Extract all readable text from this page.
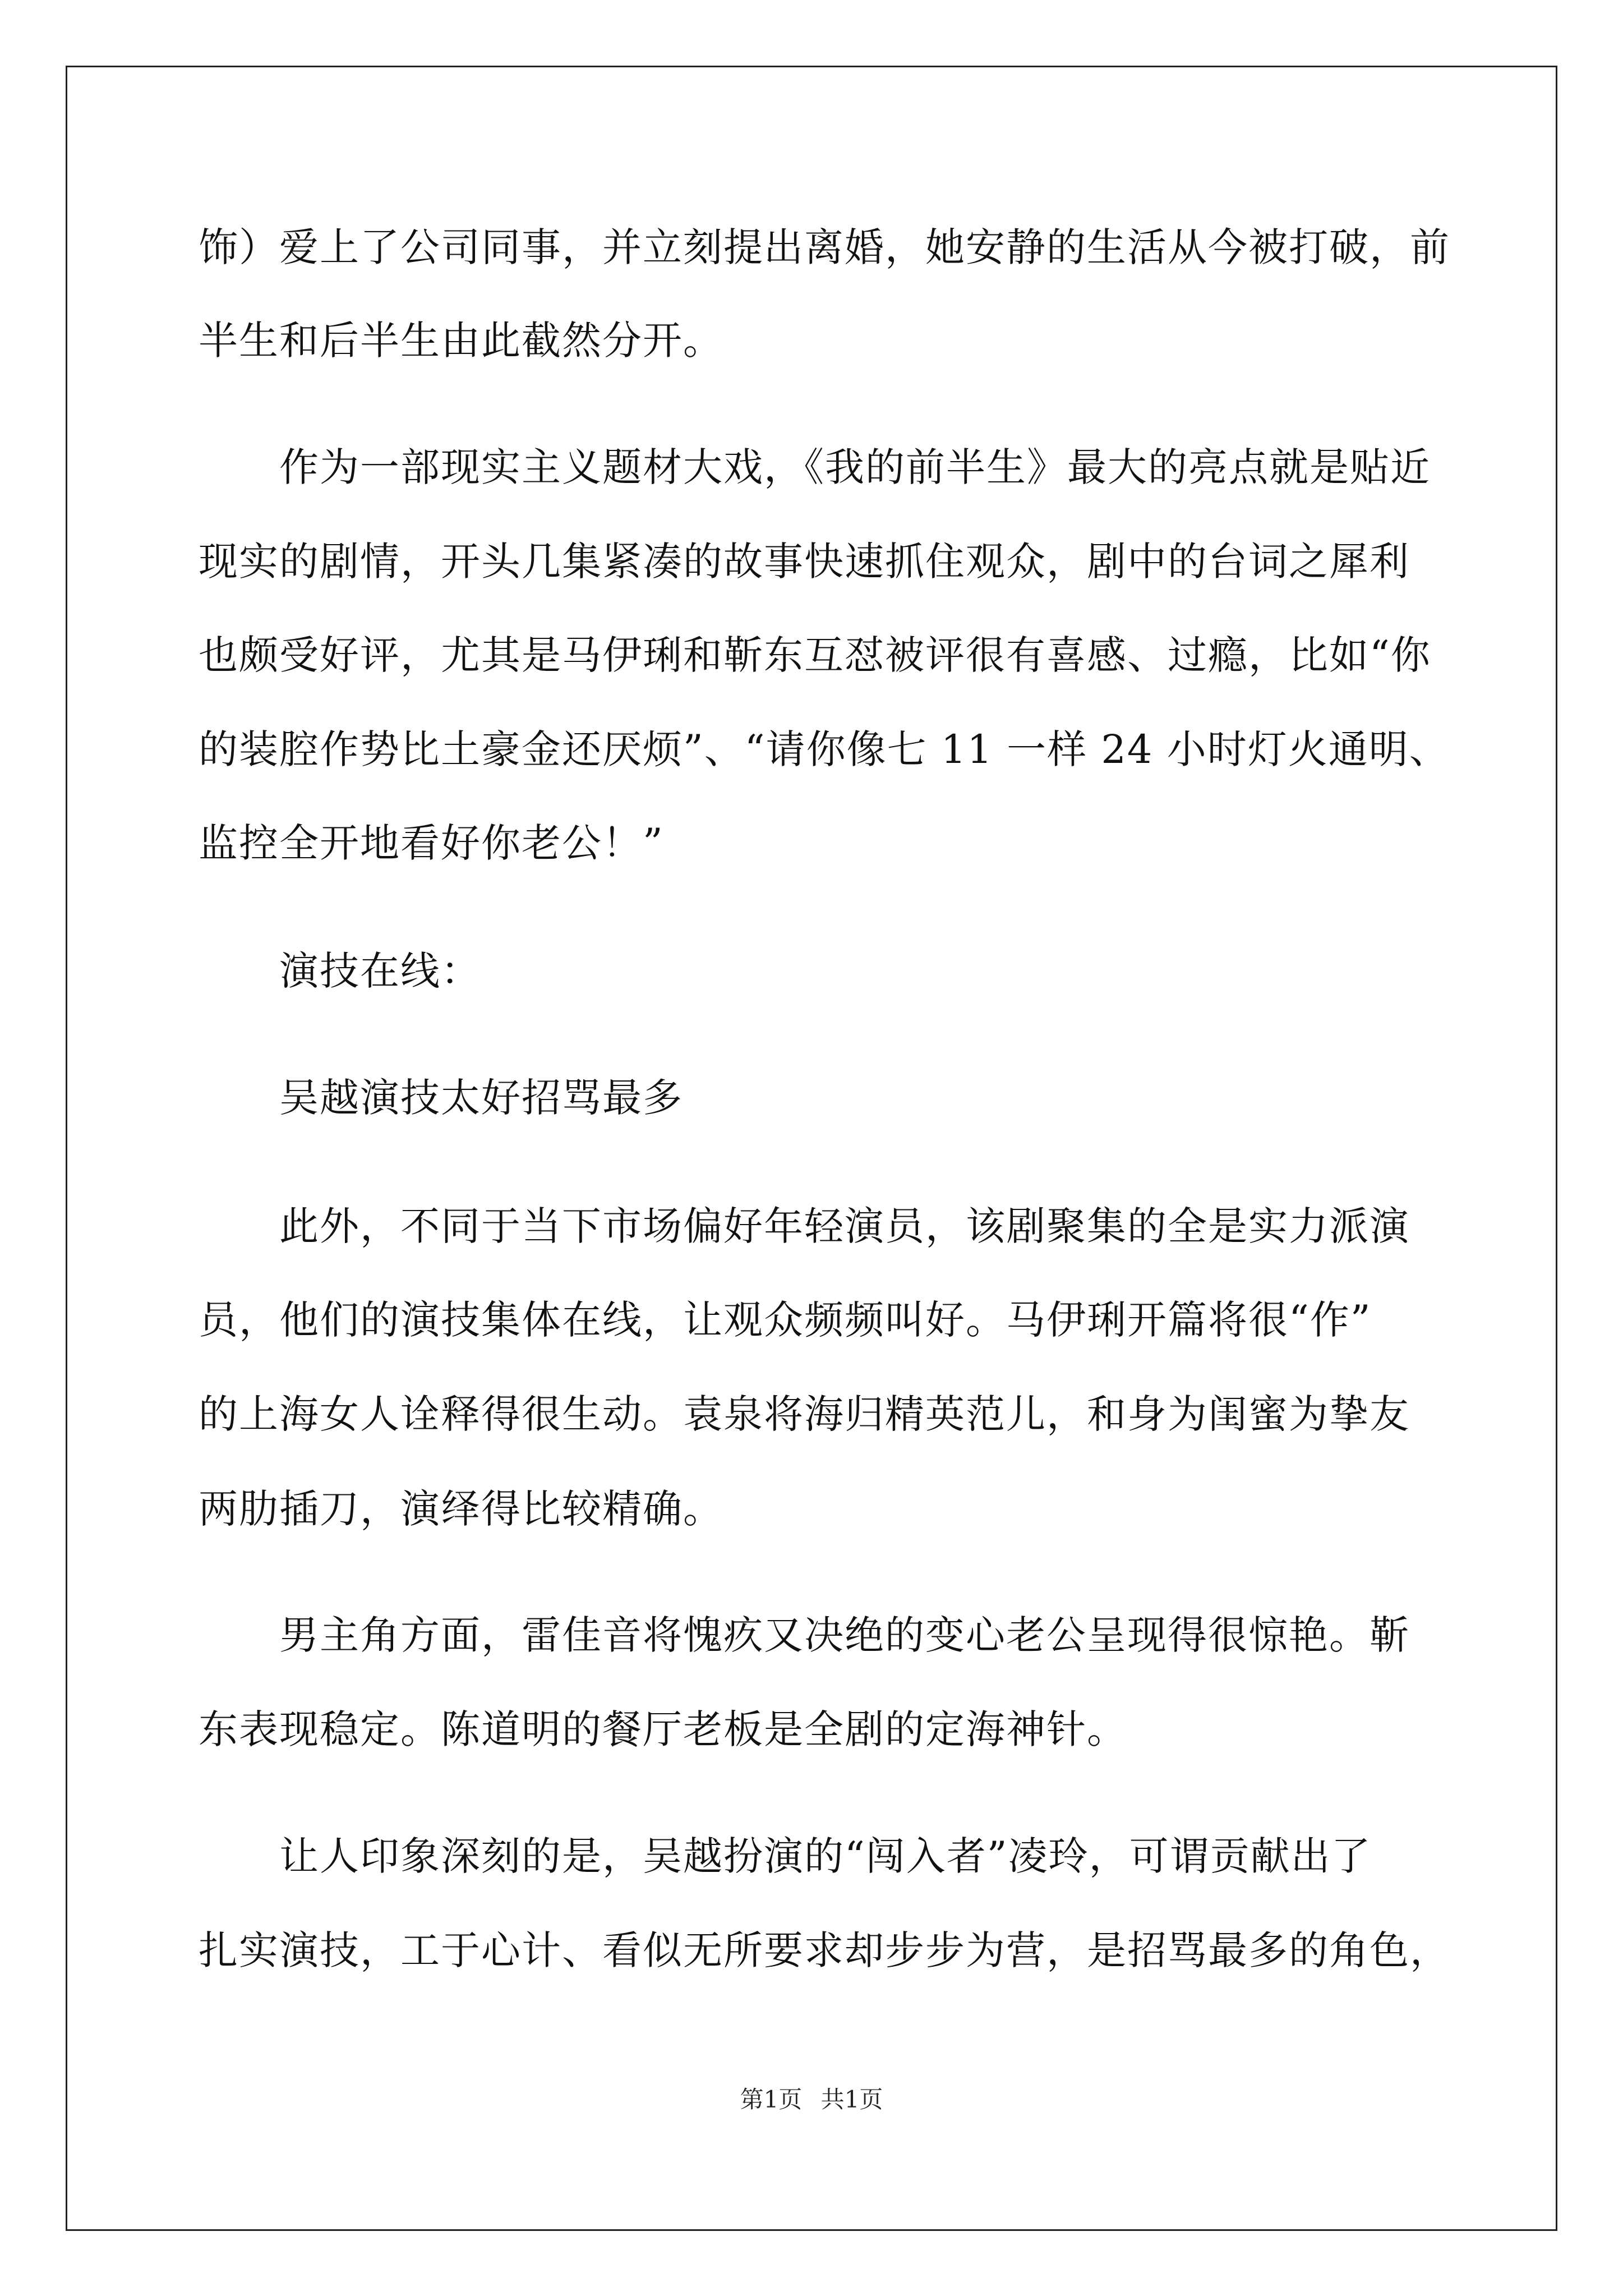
饰）爱上了公司同事，并立刻提出离婚，她安静的生活从今被打破，前
半生和后半生由此截然分开。
　　作为一部现实主义题材大戏，《我的前半生》最大的亮点就是贴近
现实的剧情，开头几集紧凑的故事快速抓住观众，剧中的台词之犀利
也颇受好评，尤其是马伊琍和靳东互怼被评很有喜感、过瘾，比如“你
的装腔作势比土豪金还厌烦”、“请你像七 11 一样 24 小时灯火通明、
监控全开地看好你老公！”
　　演技在线：
　　吴越演技太好招骂最多
　　此外，不同于当下市场偏好年轻演员，该剧聚集的全是实力派演
员，他们的演技集体在线，让观众频频叫好。马伊琍开篇将很“作”
的上海女人诠释得很生动。袁泉将海归精英范儿，和身为闺蜜为挚友
两肋插刀，演绎得比较精确。
　　男主角方面，雷佳音将愧疚又决绝的变心老公呈现得很惊艳。靳
东表现稳定。陈道明的餐厅老板是全剧的定海神针。
　　让人印象深刻的是，吴越扮演的“闯入者”凌玲，可谓贡献出了
扎实演技，工于心计、看似无所要求却步步为营，是招骂最多的角色，
第1页 共1页
